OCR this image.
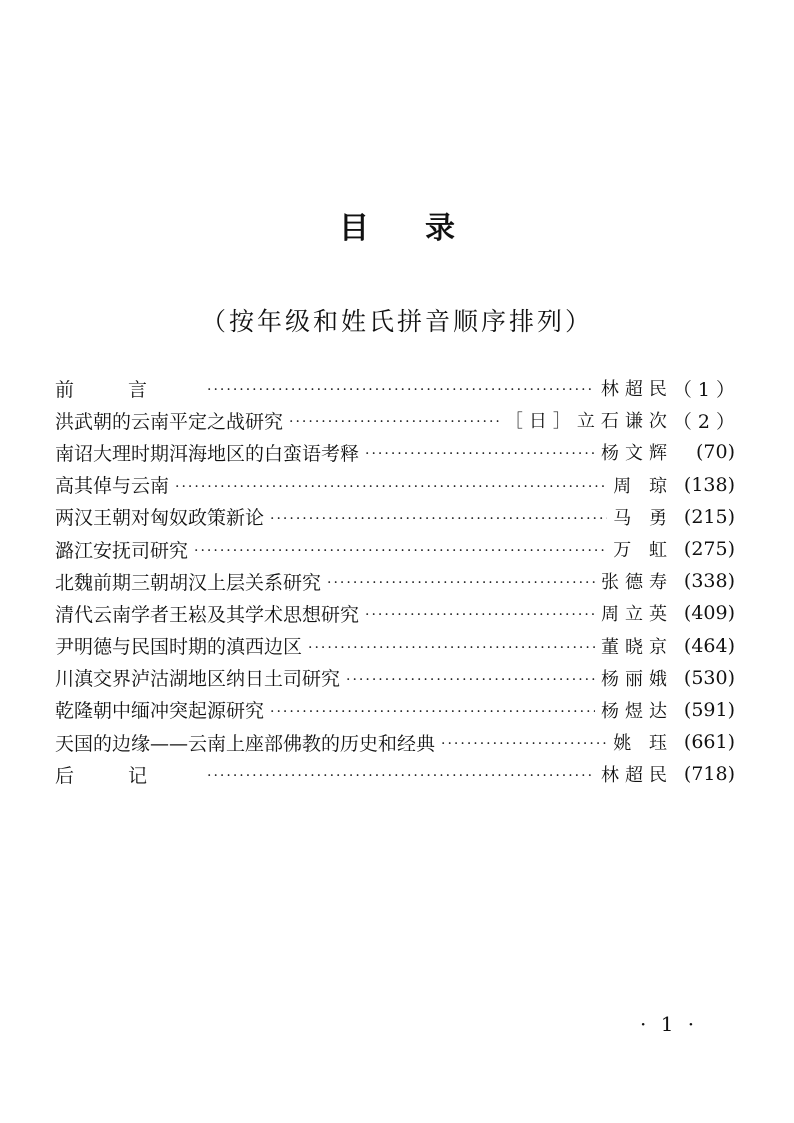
目 录
（按年级和姓氏拼音顺序排列）
前言 ·····	林超民 （ 1 ）
洪武朝的云南平定之战研究 ·····	［日］立石谦次 （ 2 ）
南诏大理时期洱海地区的白蛮语考释 ·····	杨文辉	(70)
高其倬与云南 ·····	周 琼 (138)
两汉王朝对匈奴政策新论 ·····	马 勇 (215)
潞江安抚司研究 ·····	万 虹 (275)
北魏前期三朝胡汉上层关系研究 ·····	张德寿 (338)
清代云南学者王崧及其学术思想研究 ·····	周立英 (409)
尹明德与民国时期的滇西边区 ·····	董晓京 (464)
川滇交界泸沽湖地区纳日土司研究 ·····	杨丽娥 (530)
乾隆朝中缅冲突起源研究 ·····	杨煜达 (591)
天国的边缘——云南上座部佛教的历史和经典 ·····	姚 珏 (661)
后记 ·····	林超民 (718)
· 1 ·
